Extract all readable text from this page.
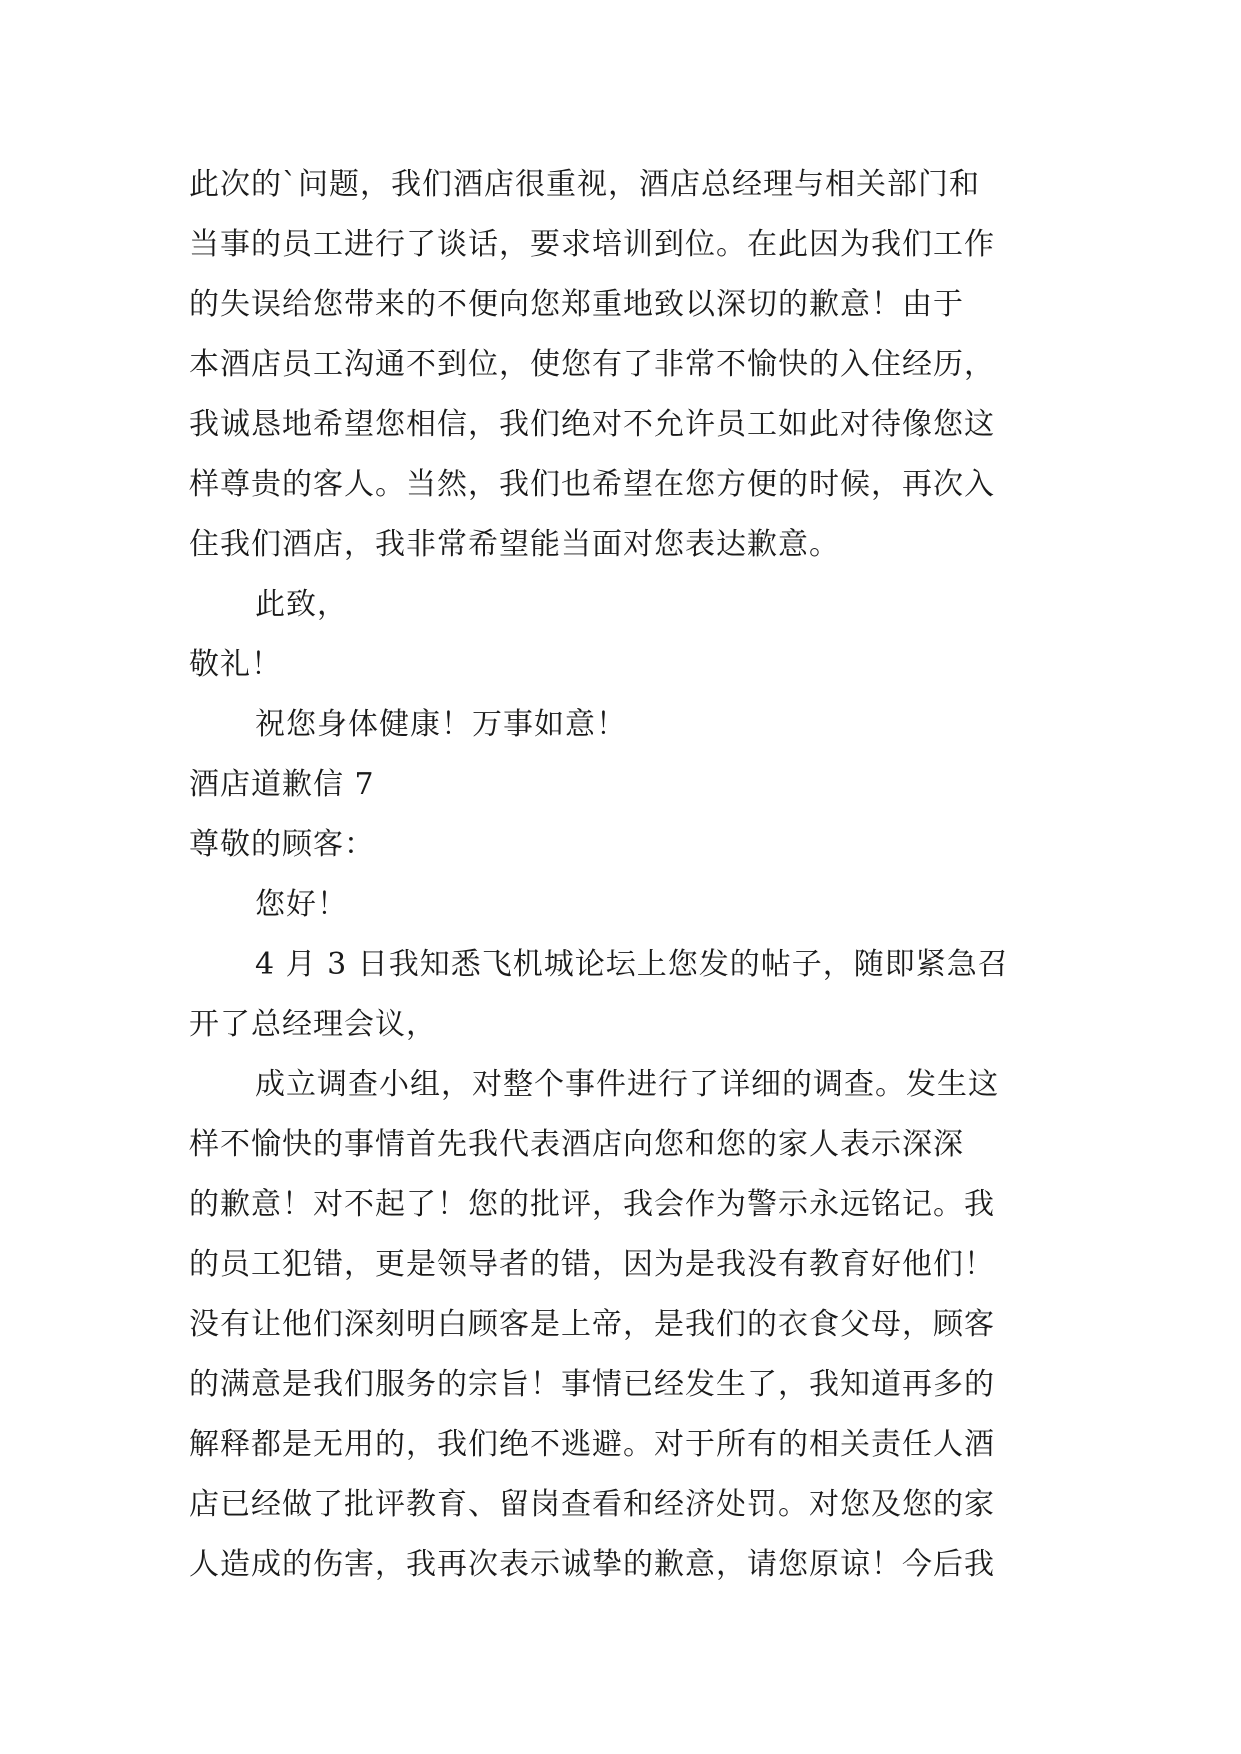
此次的`问题，我们酒店很重视，酒店总经理与相关部门和
当事的员工进行了谈话，要求培训到位。在此因为我们工作
的失误给您带来的不便向您郑重地致以深切的歉意！由于
本酒店员工沟通不到位，使您有了非常不愉快的入住经历，
我诚恳地希望您相信，我们绝对不允许员工如此对待像您这
样尊贵的客人。当然，我们也希望在您方便的时候，再次入
住我们酒店，我非常希望能当面对您表达歉意。
此致，
敬礼！
祝您身体健康！万事如意！
酒店道歉信 7
尊敬的顾客：
您好！
4 月 3 日我知悉飞机城论坛上您发的帖子，随即紧急召
开了总经理会议，
成立调查小组，对整个事件进行了详细的调查。发生这
样不愉快的事情首先我代表酒店向您和您的家人表示深深
的歉意！对不起了！您的批评，我会作为警示永远铭记。我
的员工犯错，更是领导者的错，因为是我没有教育好他们！
没有让他们深刻明白顾客是上帝，是我们的衣食父母，顾客
的满意是我们服务的宗旨！事情已经发生了，我知道再多的
解释都是无用的，我们绝不逃避。对于所有的相关责任人酒
店已经做了批评教育、留岗查看和经济处罚。对您及您的家
人造成的伤害，我再次表示诚挚的歉意，请您原谅！今后我
